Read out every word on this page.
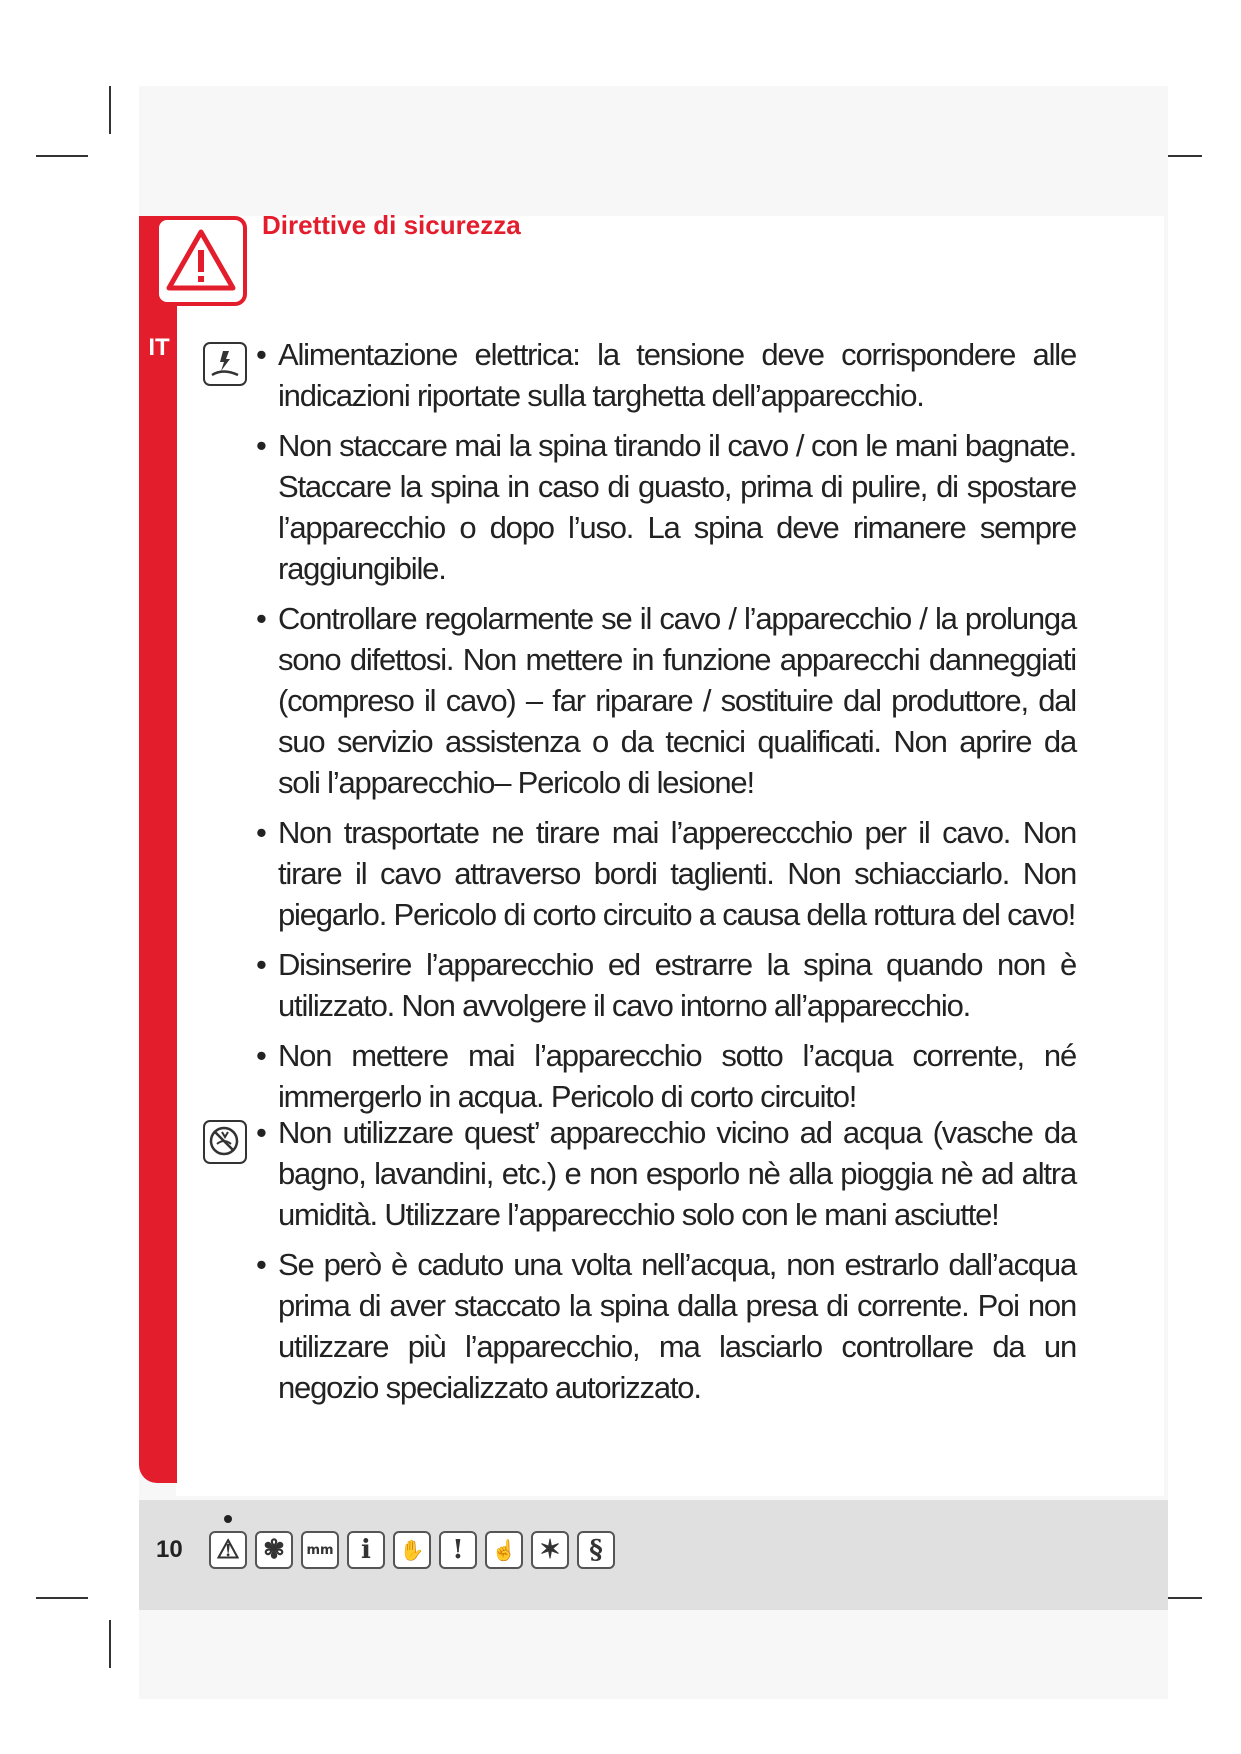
IT
Direttive di sicurezza
• Alimentazione elettrica: la tensione deve corrispondere alle indicazioni riportate sulla targhetta dell’apparecchio.
• Non staccare mai la spina tirando il cavo / con le mani bagnate. Staccare la spina in caso di guasto, prima di pulire, di spostare l’apparecchio o dopo l’uso. La spina deve rimanere sempre raggiungibile.
• Controllare regolarmente se il cavo / l’apparecchio / la prolunga sono difettosi. Non mettere in funzione apparecchi danneggiati (compreso il cavo) – far riparare / sostituire dal produttore, dal suo servizio assistenza o da tecnici qualificati. Non aprire da soli l’apparecchio– Pericolo di lesione!
• Non trasportate ne tirare mai l’appereccchio per il cavo. Non tirare il cavo attraverso bordi taglienti. Non schiacciarlo. Non piegarlo. Pericolo di corto circuito a causa della rottura del cavo!
• Disinserire l’apparecchio ed estrarre la spina quando non è utilizzato. Non avvolgere il cavo intorno all’apparecchio.
• Non mettere mai l’apparecchio sotto l’acqua corrente, né immergerlo in acqua. Pericolo di corto circuito!
• Non utilizzare quest’ apparecchio vicino ad acqua (vasche da bagno, lavandini, etc.) e non esporlo nè alla pioggia nè ad altra umidità. Utilizzare l’apparecchio solo con le mani asciutte!
• Se però è caduto una volta nell’acqua, non estrarlo dall’acqua prima di aver staccato la spina dalla presa di corrente. Poi non utilizzare più l’apparecchio, ma lasciarlo controllare da un negozio specializzato autorizzato.
10 ⚠ ✾	mm	i	✋	!	☝ ✶	§
